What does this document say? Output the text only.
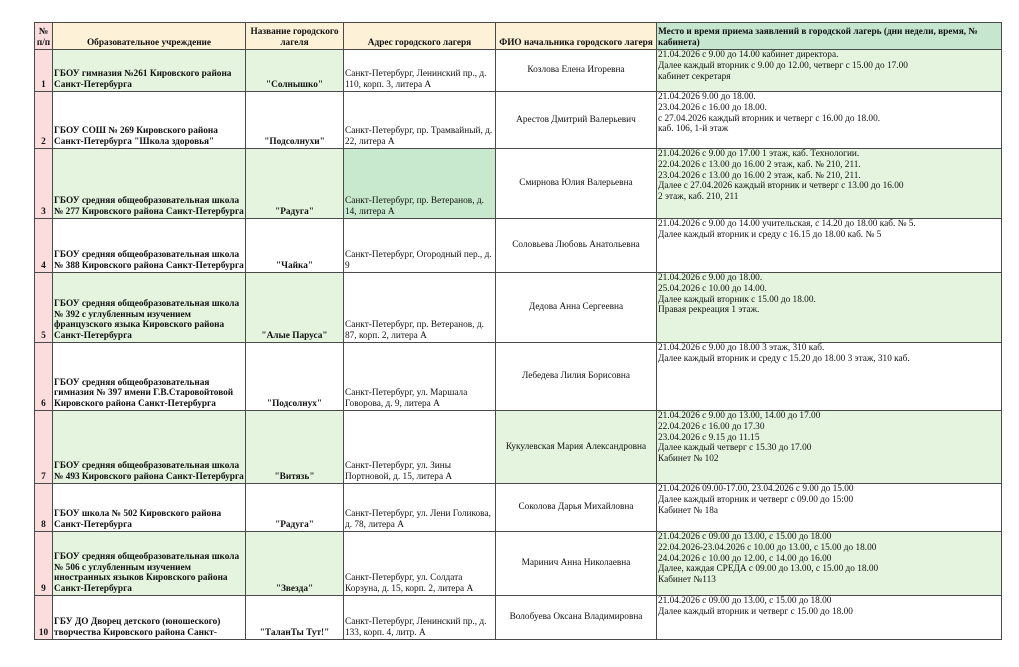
№ п/п	Образовательное учреждение	Название городского лагеля	Адрес городского лагеря	ФИО начальника городского лагеря	Место и время приема заявлений в городской лагерь (дни недели, время, № кабинета)
1	ГБОУ гимназия №261 Кировского района Санкт-Петербурга	"Солнышко"	Санкт-Петербург, Ленинский пр., д. 110, корп. 3, литера А	Козлова Елена Игоревна	21.04.2026 с 9.00 до 14.00 кабинет директора.
Далее каждый вторник с 9.00 до 12.00, четверг с 15.00 до 17.00
кабинет секретаря

2	ГБОУ СОШ № 269 Кировского района Санкт-Петербурга "Школа здоровья"	"Подсолнухи"	Санкт-Петербург, пр. Трамвайный, д. 22, литера А	Арестов Дмитрий Валерьевич	21.04.2026 9.00 до 18.00.
23.04.2026 с 16.00 до 18.00.
с 27.04.2026 каждый вторник и четверг с 16.00 до 18.00.
каб. 106, 1-й этаж

3	ГБОУ средняя общеобразовательная школа № 277 Кировского района Санкт-Петербурга	"Радуга"	Санкт-Петербург, пр. Ветеранов, д. 14, литера А	Смирнова Юлия Валерьевна	21.04.2026 с 9.00 до 17.00 1 этаж, каб. Технологии.
22.04.2026 с 13.00 до 16.00 2 этаж, каб. № 210, 211.
23.04.2026 с 13.00 до 16.00 2 этаж, каб. № 210, 211.
Далее с 27.04.2026 каждый вторник и четверг с 13.00 до 16.00
2 этаж, каб. 210, 211

4	ГБОУ средняя общеобразовательная школа № 388 Кировского района Санкт-Петербурга	"Чайка"	Санкт-Петербург, Огородный пер., д. 9	Соловьева Любовь Анатольевна	21.04.2026 с 9.00 до 14.00 учительская, с 14.20 до 18.00 каб. № 5.
Далее каждый вторник и среду с 16.15 до 18.00 каб. № 5

5	ГБОУ средняя общеобразовательная школа № 392 с углубленным изучением французского языка Кировского района Санкт-Петербурга	"Алые Паруса"	Санкт-Петербург, пр. Ветеранов, д. 87, корп. 2, литера А	Дедова Анна Сергеевна	21.04.2026 с 9.00 до 18.00.
25.04.2026 с 10.00 до 14.00.
Далее каждый вторник с 15.00 до 18.00.
Правая рекреация 1 этаж.

6	ГБОУ средняя общеобразовательная гимназия № 397 имени Г.В.Старовойтовой Кировского района Санкт-Петербурга	"Подсолнух"	Санкт-Петербург, ул. Маршала Говорова, д. 9, литера А	Лебедева Лилия Борисовна	21.04.2026 с 9.00 до 18.00 3 этаж, 310 каб.
Далее каждый вторник и среду с 15.20 до 18.00 3 этаж, 310 каб.

7	ГБОУ средняя общеобразовательная школа № 493 Кировского района Санкт-Петербурга	"Витязь"	Санкт-Петербург, ул. Зины Портновой, д. 15, литера А	Кукулевская Мария Александровна	21.04.2026 с 9.00 до 13.00, 14.00 до 17.00
22.04.2026 с 16.00 до 17.30
23.04.2026 с 9.15 до 11.15
Далее каждый четверг с 15.30 до 17.00
Кабинет № 102

8	ГБОУ школа № 502 Кировского района Санкт-Петербурга	"Радуга"	Санкт-Петербург, ул. Лени Голикова, д. 78, литера А	Соколова Дарья Михайловна	21.04.2026 09.00-17.00, 23.04.2026 с 9.00 до 15.00
Далее каждый вторник и четверг с 09.00 до 15:00
Кабинет № 18а

9	ГБОУ средняя общеобразовательная школа № 506 с углубленным изучением иностранных языков Кировского района Санкт-Петербурга	"Звезда"	Санкт-Петербург, ул. Солдата Корзуна, д. 15, корп. 2, литера А	Маринич Анна Николаевна	21.04.2026 с 09.00 до 13.00, с 15.00 до 18.00
22.04.2026-23.04.2026 с 10.00 до 13.00, с 15.00 до 18.00
24.04.2026 с 10.00 до 12.00, с 14.00 до 16.00
Далее, каждая СРЕДА с 09.00 до 13.00, с 15.00 до 18.00
Кабинет №113

10	ГБУ ДО Дворец детского (юношеского) творчества Кировского района Санкт-	"ТаланТы Тут!"	Санкт-Петербург, Ленинский пр., д. 133, корп. 4, литр. А	Волобуева Оксана Владимировна	21.04.2026 с 09.00 до 13.00, с 15.00 до 18.00
Далее каждый вторник и четверг с 15.00 до 18.00
